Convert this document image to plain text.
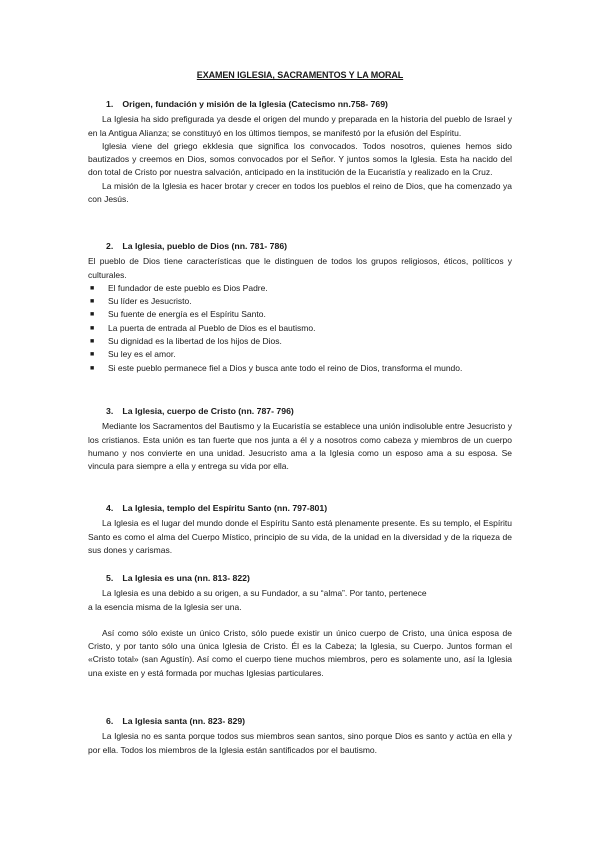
EXAMEN IGLESIA, SACRAMENTOS Y LA MORAL
1. Origen, fundación y misión de la Iglesia (Catecismo nn.758- 769)

La Iglesia ha sido prefigurada ya desde el origen del mundo y preparada en la historia del pueblo de Israel y en la Antigua Alianza; se constituyó en los últimos tiempos, se manifestó por la efusión del Espíritu.

Iglesia viene del griego ekklesia que significa los convocados. Todos nosotros, quienes hemos sido bautizados y creemos en Dios, somos convocados por el Señor. Y juntos somos la Iglesia. Esta ha nacido del don total de Cristo por nuestra salvación, anticipado en la institución de la Eucaristía y realizado en la Cruz.

La misión de la Iglesia es hacer brotar y crecer en todos los pueblos el reino de Dios, que ha comenzado ya con Jesús.

2. La Iglesia, pueblo de Dios (nn. 781- 786)

El pueblo de Dios tiene características que le distinguen de todos los grupos religiosos, éticos, políticos y culturales.

■ El fundador de este pueblo es Dios Padre.
■ Su líder es Jesucristo.
■ Su fuente de energía es el Espíritu Santo.
■ La puerta de entrada al Pueblo de Dios es el bautismo.
■ Su dignidad es la libertad de los hijos de Dios.
■ Su ley es el amor.
■ Si este pueblo permanece fiel a Dios y busca ante todo el reino de Dios, transforma el mundo.
3. La Iglesia, cuerpo de Cristo (nn. 787- 796)

Mediante los Sacramentos del Bautismo y la Eucaristía se establece una unión indisoluble entre Jesucristo y los cristianos. Esta unión es tan fuerte que nos junta a él y a nosotros como cabeza y miembros de un cuerpo humano y nos convierte en una unidad. Jesucristo ama a la Iglesia como un esposo ama a su esposa. Se vincula para siempre a ella y entrega su vida por ella.

4. La Iglesia, templo del Espíritu Santo (nn. 797-801)

La Iglesia es el lugar del mundo donde el Espíritu Santo está plenamente presente. Es su templo, el Espíritu Santo es como el alma del Cuerpo Místico, principio de su vida, de la unidad en la diversidad y de la riqueza de sus dones y carismas.

5. La Iglesia es una (nn. 813- 822)

La Iglesia es una debido a su origen, a su Fundador, a su “alma”. Por tanto, pertenece

a la esencia misma de la Iglesia ser una.

Así como sólo existe un único Cristo, sólo puede existir un único cuerpo de Cristo, una única esposa de Cristo, y por tanto sólo una única Iglesia de Cristo. Él es la Cabeza; la Iglesia, su Cuerpo. Juntos forman el «Cristo total» (san Agustín). Así como el cuerpo tiene muchos miembros, pero es solamente uno, así la Iglesia una existe en y está formada por muchas Iglesias particulares.

6. La Iglesia santa (nn. 823- 829)

La Iglesia no es santa porque todos sus miembros sean santos, sino porque Dios es santo y actúa en ella y por ella. Todos los miembros de la Iglesia están santificados por el bautismo.
